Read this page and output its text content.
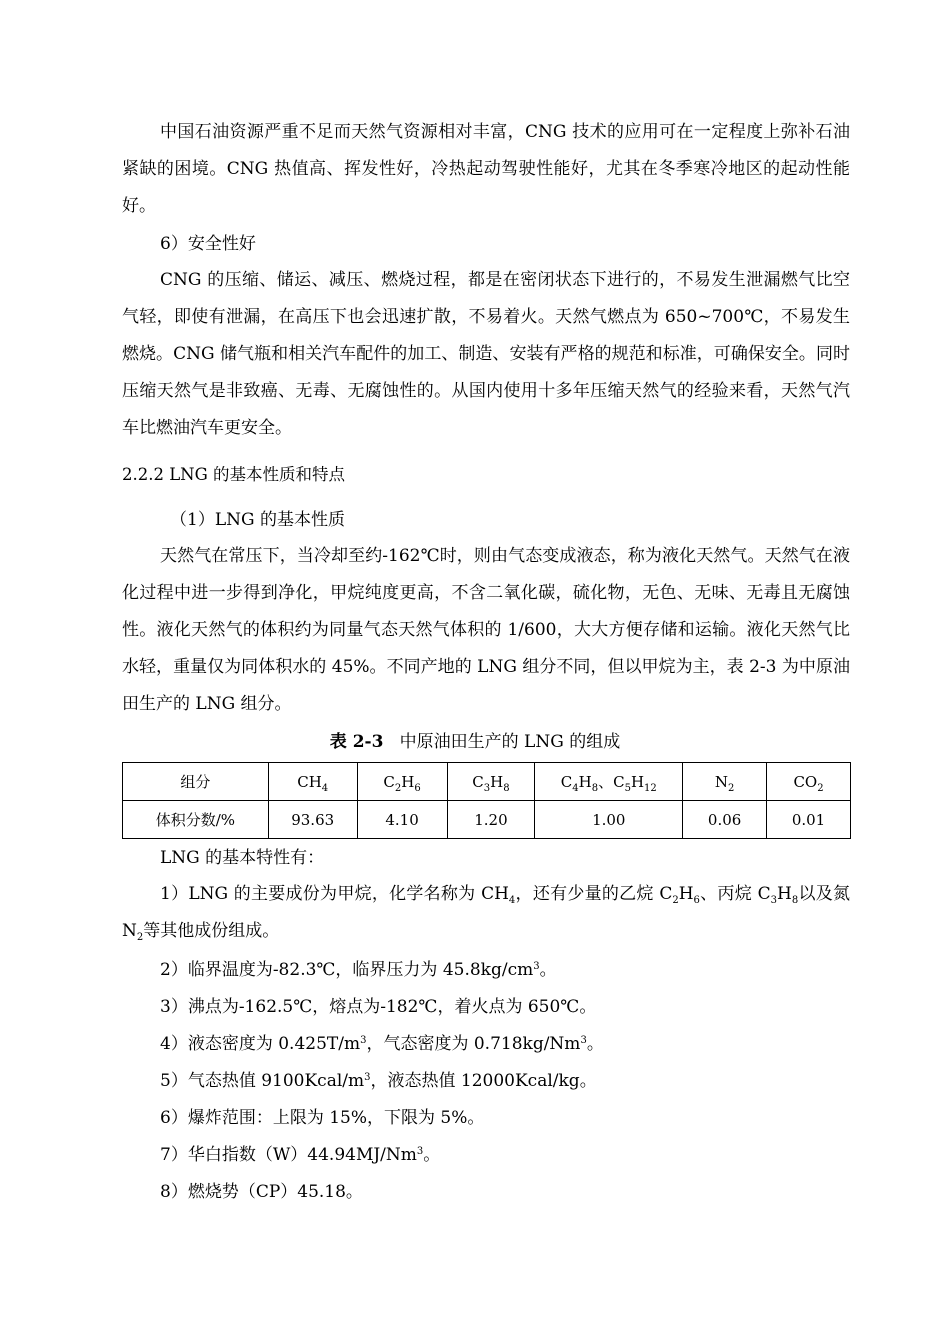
中国石油资源严重不足而天然气资源相对丰富，CNG 技术的应用可在一定程度上弥补石油紧缺的困境。CNG 热值高、挥发性好，冷热起动驾驶性能好，尤其在冬季寒冷地区的起动性能好。

6）安全性好

CNG 的压缩、储运、减压、燃烧过程，都是在密闭状态下进行的，不易发生泄漏燃气比空气轻，即使有泄漏，在高压下也会迅速扩散，不易着火。天然气燃点为 650~700℃，不易发生燃烧。CNG 储气瓶和相关汽车配件的加工、制造、安装有严格的规范和标准，可确保安全。同时压缩天然气是非致癌、无毒、无腐蚀性的。从国内使用十多年压缩天然气的经验来看，天然气汽车比燃油汽车更安全。

2.2.2 LNG 的基本性质和特点
（1）LNG 的基本性质

天然气在常压下，当冷却至约-162℃时，则由气态变成液态，称为液化天然气。天然气在液化过程中进一步得到净化，甲烷纯度更高，不含二氧化碳，硫化物，无色、无味、无毒且无腐蚀性。液化天然气的体积约为同量气态天然气体积的 1/600，大大方便存储和运输。液化天然气比水轻，重量仅为同体积水的 45%。不同产地的 LNG 组分不同，但以甲烷为主，表 2-3 为中原油田生产的 LNG 组分。

表 2-3 中原油田生产的 LNG 的组成
组分	$CH_4$	$C_2H_6$	$C_3H_8$	$C_4H_8$、$C_5H_{12}$	$N_2$	$CO_2$
体积分数/%	93.63	4.10	1.20	1.00	0.06	0.01
LNG 的基本特性有：

1）LNG 的主要成份为甲烷，化学名称为 $CH_4$，还有少量的乙烷 $C_2H_6$、丙烷 $C_3H_8$以及氮 $N_2$等其他成份组成。

2）临界温度为-82.3℃，临界压力为 $45.8kg/cm^3$。
3）沸点为-162.5℃，熔点为-182℃，着火点为 650℃。
4）液态密度为 $0.425T/m^3$，气态密度为 0.718kg/Nm$^3$。
5）气态热值 $9100Kcal/m^3$，液态热值 12000Kcal/kg。
6）爆炸范围：上限为 15%，下限为 5%。
7）华白指数（W）44.94MJ/Nm$^3$。
8）燃烧势（CP）45.18。
